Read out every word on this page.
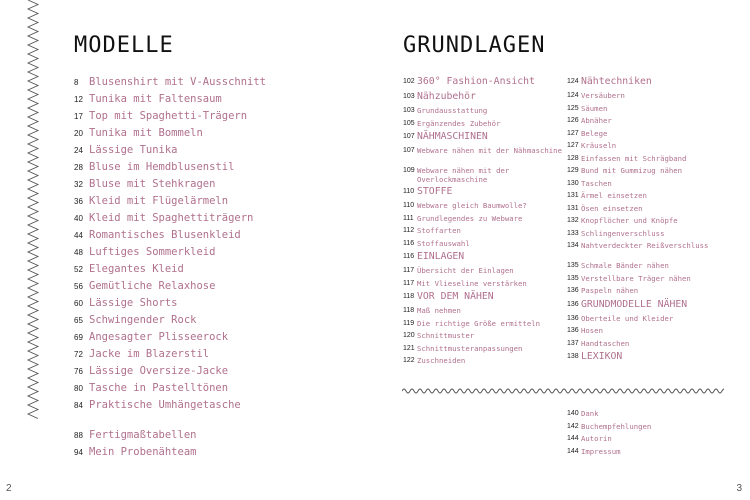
MODELLE
8	Blusenshirt mit V-Ausschnitt
12 Tunika mit Faltensaum
17 Top mit Spaghetti-Trägern
20 Tunika mit Bommeln
24 Lässige Tunika
28 Bluse im Hemdblusenstil
32 Bluse mit Stehkragen
36 Kleid mit Flügelärmeln
40 Kleid mit Spaghettiträgern
44 Romantisches Blusenkleid
48 Luftiges Sommerkleid
52 Elegantes Kleid
56 Gemütliche Relaxhose
60 Lässige Shorts
65 Schwingender Rock
69 Angesagter Plisseerock
72 Jacke im Blazerstil
76 Lässige Oversize-Jacke
80 Tasche in Pastelltönen
84 Praktische Umhängetasche
88 Fertigmaßtabellen
94 Mein Probenähteam
GRUNDLAGEN
102 360° Fashion-Ansicht
103 Nähzubehör
103 Grundausstattung
105 Ergänzendes Zubehör
107 NÄHMASCHINEN
107 Webware nähen mit der Nähmaschine
109 Webware nähen mit der Overlockmaschine
110 STOFFE
110 Webware gleich Baumwolle?
111 Grundlegendes zu Webware
112 Stoffarten
116 Stoffauswahl
116 EINLAGEN
117 Übersicht der Einlagen
117 Mit Vlieseline verstärken
118 VOR DEM NÄHEN
118 Maß nehmen
119 Die richtige Größe ermitteln
120 Schnittmuster
121 Schnittmusteranpassungen
122 Zuschneiden
124 Nähtechniken
124 Versäubern
125 Säumen
126 Abnäher
127 Belege
127 Kräuseln
128 Einfassen mit Schrägband
129 Bund mit Gummizug nähen
130 Taschen
131 Ärmel einsetzen
131 Ösen einsetzen
132 Knopflöcher und Knöpfe
133 Schlingenverschluss
134 Nahtverdeckter Reißverschluss
135 Schmale Bänder nähen
135 Verstellbare Träger nähen
136 Paspeln nähen
136 GRUNDMODELLE NÄHEN
136 Oberteile und Kleider
136 Hosen
137 Handtaschen
138 LEXIKON
140 Dank
142 Buchempfehlungen
144 Autorin
144 Impressum
2	3
